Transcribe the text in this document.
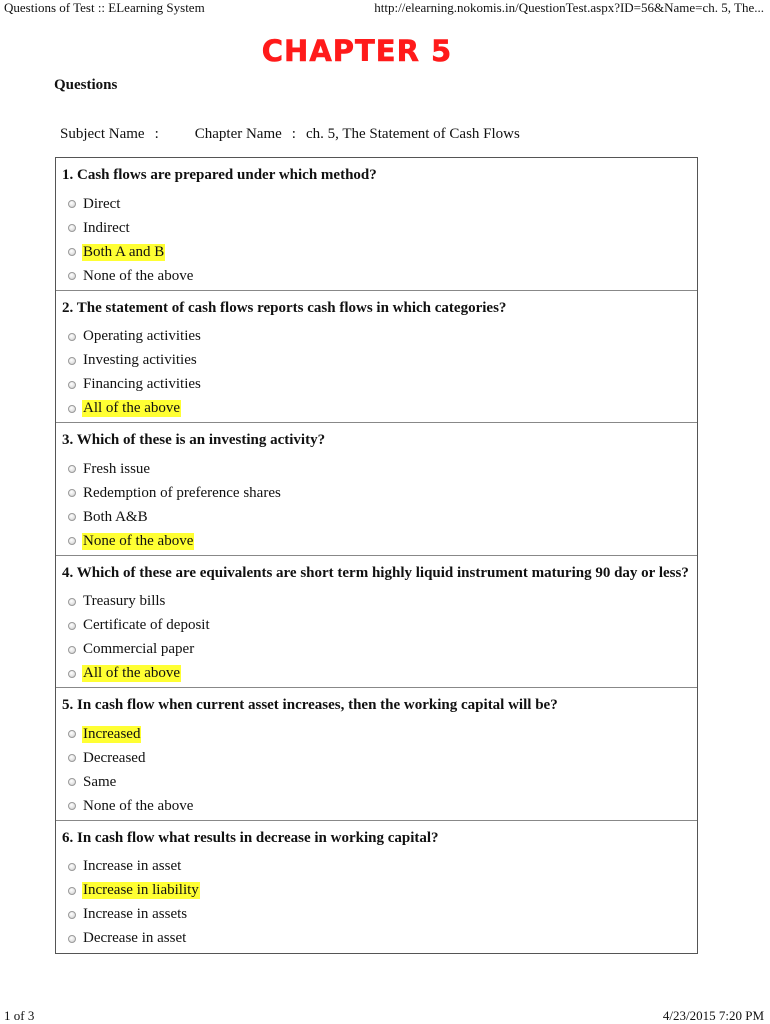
Questions of Test :: ELearning System	http://elearning.nokomis.in/QuestionTest.aspx?ID=56&Name=ch. 5, The...
CHAPTER 5
Questions
Subject Name : Chapter Name : ch. 5, The Statement of Cash Flows
1. Cash flows are prepared under which method?
Direct
Indirect
Both A and B
None of the above
2. The statement of cash flows reports cash flows in which categories?
Operating activities
Investing activities
Financing activities
All of the above
3. Which of these is an investing activity?
Fresh issue
Redemption of preference shares
Both A&B
None of the above
4. Which of these are equivalents are short term highly liquid instrument maturing 90 day or less?
Treasury bills
Certificate of deposit
Commercial paper
All of the above
5. In cash flow when current asset increases, then the working capital will be?
Increased
Decreased
Same
None of the above
6. In cash flow what results in decrease in working capital?
Increase in asset
Increase in liability
Increase in assets
Decrease in asset
1 of 3	4/23/2015 7:20 PM
